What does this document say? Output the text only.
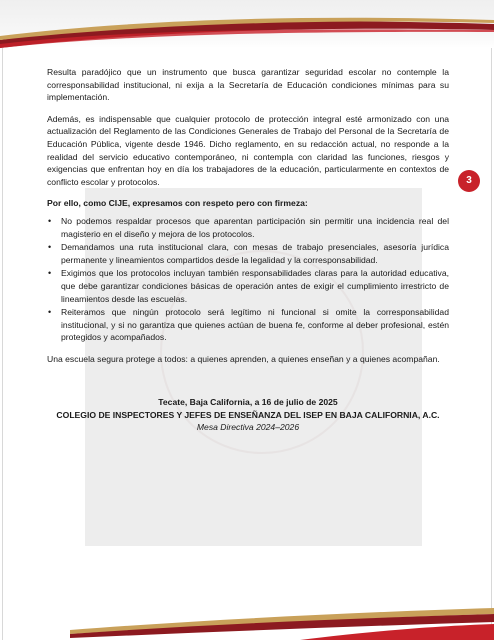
3

Resulta paradójico que un instrumento que busca garantizar seguridad escolar no contemple la corresponsabilidad institucional, ni exija a la Secretaría de Educación condiciones mínimas para su implementación.

Además, es indispensable que cualquier protocolo de protección integral esté armonizado con una actualización del Reglamento de las Condiciones Generales de Trabajo del Personal de la Secretaría de Educación Pública, vigente desde 1946. Dicho reglamento, en su redacción actual, no responde a la realidad del servicio educativo contemporáneo, ni contempla con claridad las funciones, riesgos y exigencias que enfrentan hoy en día los trabajadores de la educación, particularmente en contextos de conflicto escolar y protocolos.

Por ello, como CIJE, expresamos con respeto pero con firmeza:

• No podemos respaldar procesos que aparentan participación sin permitir una incidencia real del magisterio en el diseño y mejora de los protocolos.
• Demandamos una ruta institucional clara, con mesas de trabajo presenciales, asesoría jurídica permanente y lineamientos compartidos desde la legalidad y la corresponsabilidad.
• Exigimos que los protocolos incluyan también responsabilidades claras para la autoridad educativa, que debe garantizar condiciones básicas de operación antes de exigir el cumplimiento irrestricto de lineamientos desde las escuelas.
• Reiteramos que ningún protocolo será legítimo ni funcional si omite la corresponsabilidad institucional, y si no garantiza que quienes actúan de buena fe, conforme al deber profesional, estén protegidos y acompañados.

Una escuela segura protege a todos: a quienes aprenden, a quienes enseñan y a quienes acompañan.

Tecate, Baja California, a 16 de julio de 2025
COLEGIO DE INSPECTORES Y JEFES DE ENSEÑANZA DEL ISEP EN BAJA CALIFORNIA, A.C.
Mesa Directiva 2024–2026
